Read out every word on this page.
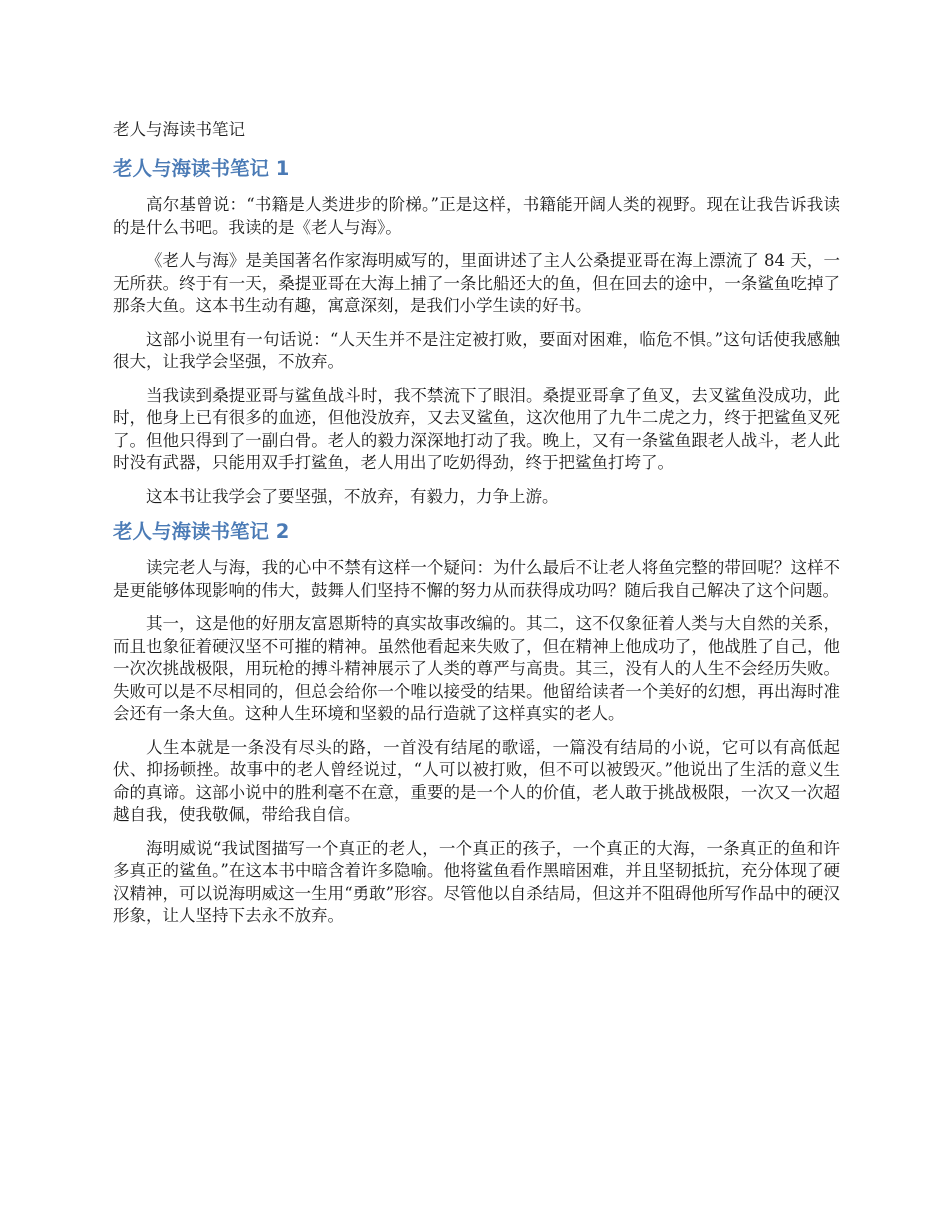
老人与海读书笔记
老人与海读书笔记 1

高尔基曾说：“书籍是人类进步的阶梯。”正是这样，书籍能开阔人类的视野。现在让我告诉我读的是什么书吧。我读的是《老人与海》。

《老人与海》是美国著名作家海明威写的，里面讲述了主人公桑提亚哥在海上漂流了 84 天，一无所获。终于有一天，桑提亚哥在大海上捕了一条比船还大的鱼，但在回去的途中，一条鲨鱼吃掉了那条大鱼。这本书生动有趣，寓意深刻，是我们小学生读的好书。

这部小说里有一句话说：“人天生并不是注定被打败，要面对困难，临危不惧。”这句话使我感触很大，让我学会坚强，不放弃。

当我读到桑提亚哥与鲨鱼战斗时，我不禁流下了眼泪。桑提亚哥拿了鱼叉，去叉鲨鱼没成功，此时，他身上已有很多的血迹，但他没放弃，又去叉鲨鱼，这次他用了九牛二虎之力，终于把鲨鱼叉死了。但他只得到了一副白骨。老人的毅力深深地打动了我。晚上，又有一条鲨鱼跟老人战斗，老人此时没有武器，只能用双手打鲨鱼，老人用出了吃奶得劲，终于把鲨鱼打垮了。

这本书让我学会了要坚强，不放弃，有毅力，力争上游。

老人与海读书笔记 2

读完老人与海，我的心中不禁有这样一个疑问：为什么最后不让老人将鱼完整的带回呢？这样不是更能够体现影响的伟大，鼓舞人们坚持不懈的努力从而获得成功吗？随后我自己解决了这个问题。

其一，这是他的好朋友富恩斯特的真实故事改编的。其二，这不仅象征着人类与大自然的关系，而且也象征着硬汉坚不可摧的精神。虽然他看起来失败了，但在精神上他成功了，他战胜了自己，他一次次挑战极限，用玩枪的搏斗精神展示了人类的尊严与高贵。其三，没有人的人生不会经历失败。失败可以是不尽相同的，但总会给你一个唯以接受的结果。他留给读者一个美好的幻想，再出海时准会还有一条大鱼。这种人生环境和坚毅的品行造就了这样真实的老人。

人生本就是一条没有尽头的路，一首没有结尾的歌谣，一篇没有结局的小说，它可以有高低起伏、抑扬顿挫。故事中的老人曾经说过，“人可以被打败，但不可以被毁灭。”他说出了生活的意义生命的真谛。这部小说中的胜利毫不在意，重要的是一个人的价值，老人敢于挑战极限，一次又一次超越自我，使我敬佩，带给我自信。

海明威说“我试图描写一个真正的老人，一个真正的孩子，一个真正的大海，一条真正的鱼和许多真正的鲨鱼。”在这本书中暗含着许多隐喻。他将鲨鱼看作黑暗困难，并且坚韧抵抗，充分体现了硬汉精神，可以说海明威这一生用“勇敢”形容。尽管他以自杀结局，但这并不阻碍他所写作品中的硬汉形象，让人坚持下去永不放弃。
